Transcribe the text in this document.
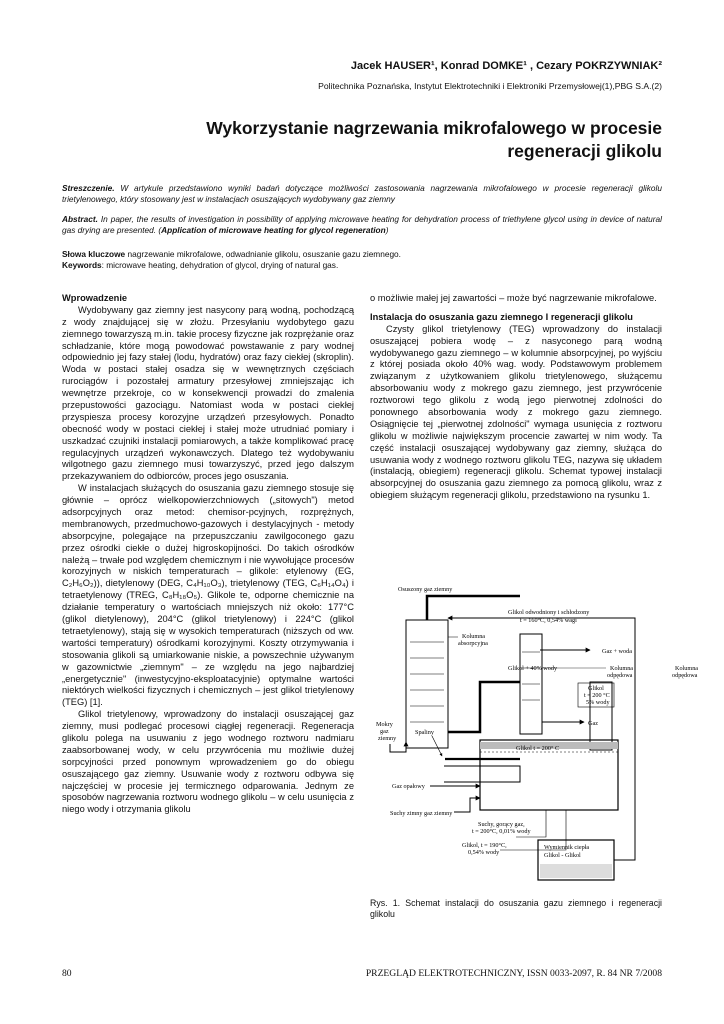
Jacek HAUSER¹, Konrad DOMKE¹ , Cezary POKRZYWNIAK²
Politechnika Poznańska, Instytut Elektrotechniki i Elektroniki Przemysłowej(1),PBG S.A.(2)
Wykorzystanie nagrzewania mikrofalowego w procesie
regeneracji glikolu
Streszczenie. W artykule przedstawiono wyniki badań dotyczące możliwości zastosowania nagrzewania mikrofalowego w procesie regeneracji glikolu trietylenowego, który stosowany jest w instalacjach osuszających wydobywany gaz ziemny
Abstract. In paper, the results of investigation in possibility of applying microwave heating for dehydration process of triethylene glycol using in device of natural gas drying are presented. (Application of microwave heating for glycol regeneration)
Słowa kluczowe nagrzewanie mikrofalowe, odwadnianie glikolu, osuszanie gazu ziemnego.
Keywords: microwave heating, dehydration of glycol, drying of natural gas.
Wprowadzenie

Wydobywany gaz ziemny jest nasycony parą wodną, pochodzącą z wody znajdującej się w złożu. Przesyłaniu wydobytego gazu ziemnego towarzyszą m.in. takie procesy fizyczne jak rozprężanie oraz schładzanie, które mogą powodować powstawanie z pary wodnej odpowiednio jej fazy stałej (lodu, hydratów) oraz fazy ciekłej (skroplin). Woda w postaci stałej osadza się w wewnętrznych częściach rurociągów i pozostałej armatury przesyłowej zmniejszając ich wewnętrze przekroje, co w konsekwencji prowadzi do zmalenia przepustowości gazociągu. Natomiast woda w postaci ciekłej przyspiesza procesy korozyjne urządzeń przesyłowych. Ponadto obecność wody w postaci ciekłej i stałej może utrudniać pomiary i uszkadzać czujniki instalacji pomiarowych, a także komplikować pracę regulacyjnych urządzeń wykonawczych. Dlatego też wydobywaniu wilgotnego gazu ziemnego musi towarzyszyć, przed jego dalszym przekazywaniem do odbiorców, proces jego osuszania.

W instalacjach służących do osuszania gazu ziemnego stosuje się głównie – oprócz wielkopowierzchniowych („sitowych") metod adsorpcyjnych oraz metod: chemisor-pcyjnych, rozprężnych, membranowych, przedmuchowo-gazowych i destylacyjnych - metody absorpcyjne, polegające na przepuszczaniu zawilgoconego gazu przez ośrodki ciekłe o dużej higroskopijności. Do takich ośrodków należą – trwałe pod względem chemicznym i nie wywołujące procesów korozyjnych w niskich temperaturach – glikole: etylenowy (EG, C₂H₆O₂)), dietylenowy (DEG, C₄H₁₀O₃), trietylenowy (TEG, C₆H₁₄O₄) i tetraetylenowy (TREG, C₈H₁₈O₅). Glikole te, odporne chemicznie na działanie temperatury o wartościach mniejszych niż około: 177°C (glikol dietylenowy), 204°C (glikol trietylenowy) i 224°C (glikol tetraetylenowy), stają się w wysokich temperaturach (niższych od ww. wartości temperatury) ośrodkami korozyjnymi. Koszty otrzymywania i stosowania glikoli są umiarkowanie niskie, a powszechnie używanym w gazownictwie „ziemnym" – ze względu na jego najbardziej „energetycznie" (inwestycyjno-eksploatacyjnie) optymalne wartości niektórych wielkości fizycznych i chemicznych – jest glikol trietylenowy (TEG) [1].

Glikol trietylenowy, wprowadzony do instalacji osuszającej gaz ziemny, musi podlegać procesowi ciągłej regeneracji. Regeneracja glikolu polega na usuwaniu z jego wodnego roztworu nadmiaru zaabsorbowanej wody, w celu przywrócenia mu możliwie dużej sorpcyjności przed ponownym wprowadzeniem go do obiegu osuszającego gaz ziemny. Usuwanie wody z roztworu odbywa się najczęściej w procesie jej termicznego odparowania. Jednym ze sposobów nagrzewania roztworu wodnego glikolu – w celu usunięcia z niego wody i otrzymania glikolu

o możliwie małej jej zawartości – może być nagrzewanie mikrofalowe.

Instalacja do osuszania gazu ziemnego I regeneracji glikolu

Czysty glikol trietylenowy (TEG) wprowadzony do instalacji osuszającej pobiera wodę – z nasyconego parą wodną wydobywanego gazu ziemnego – w kolumnie absorpcyjnej, po wyjściu z której posiada około 40% wag. wody. Podstawowym problemem związanym z użytkowaniem glikolu trietylenowego, służącemu absorbowaniu wody z mokrego gazu ziemnego, jest przywrócenie roztworowi tego glikolu z wodą jego pierwotnej zdolności do ponownego absorbowania wody z mokrego gazu ziemnego. Osiągnięcie tej „pierwotnej zdolności" wymaga usunięcia z roztworu glikolu w możliwie największym procencie zawartej w nim wody. Ta część instalacji osuszającej wydobywany gaz ziemny, służąca do usuwania wody z wodnego roztworu glikolu TEG, nazywa się układem (instalacją, obiegiem) regeneracji glikolu. Schemat typowej instalacji absorpcyjnej do osuszania gazu ziemnego za pomocą glikolu, wraz z obiegiem służącym regeneracji glikolu, przedstawiono na rysunku 1.

Osuszony gaz ziemny
Glikol odwodniony i schłodzony
t = 160°C, 0,54% wagi
Kolumna
absorpcyjna
Glikol + 40% wody
Gaz + woda
Kolumna
odpędowa
Kolumna
odpędowa
Glikol
t = 200 °C
5% wody
Gaz
Glikol t = 200° C
Spaliny
Mokry
gaz
ziemny
Gaz opałowy
Suchy zimny gaz ziemny
Suchy, gorący gaz,
t = 200°C, 0,01% wody
Glikol, t = 190°C,
0,54% wody
Wymiennik ciepła
Glikol - Glikol
Rys. 1. Schemat instalacji do osuszania gazu ziemnego i regeneracji glikolu
80	PRZEGLĄD ELEKTROTECHNICZNY, ISSN 0033-2097, R. 84 NR 7/2008
